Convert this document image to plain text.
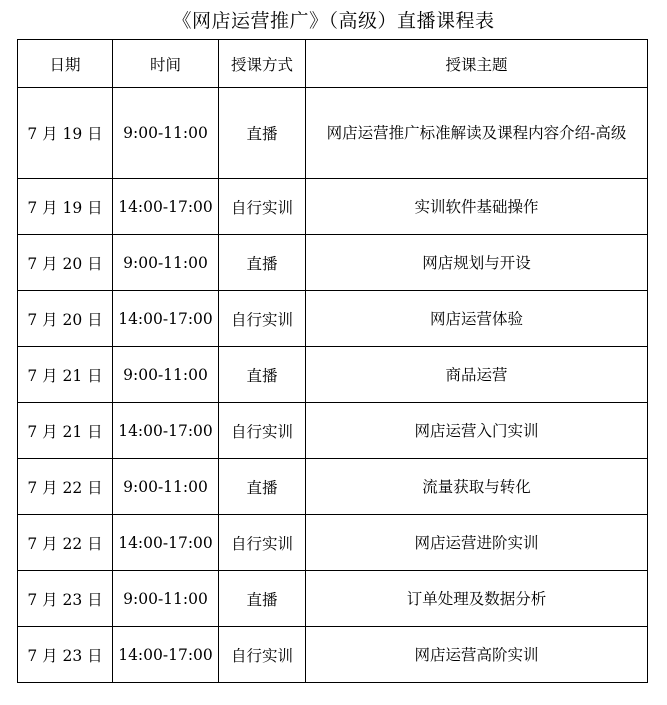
《网店运营推广》（高级）直播课程表
日期	时间	授课方式	授课主题
7 月 19 日	9:00-11:00	直播	网店运营推广标准解读及课程内容介绍-高级
7 月 19 日	14:00-17:00	自行实训	实训软件基础操作
7 月 20 日	9:00-11:00	直播	网店规划与开设
7 月 20 日	14:00-17:00	自行实训	网店运营体验
7 月 21 日	9:00-11:00	直播	商品运营
7 月 21 日	14:00-17:00	自行实训	网店运营入门实训
7 月 22 日	9:00-11:00	直播	流量获取与转化
7 月 22 日	14:00-17:00	自行实训	网店运营进阶实训
7 月 23 日	9:00-11:00	直播	订单处理及数据分析
7 月 23 日	14:00-17:00	自行实训	网店运营高阶实训
